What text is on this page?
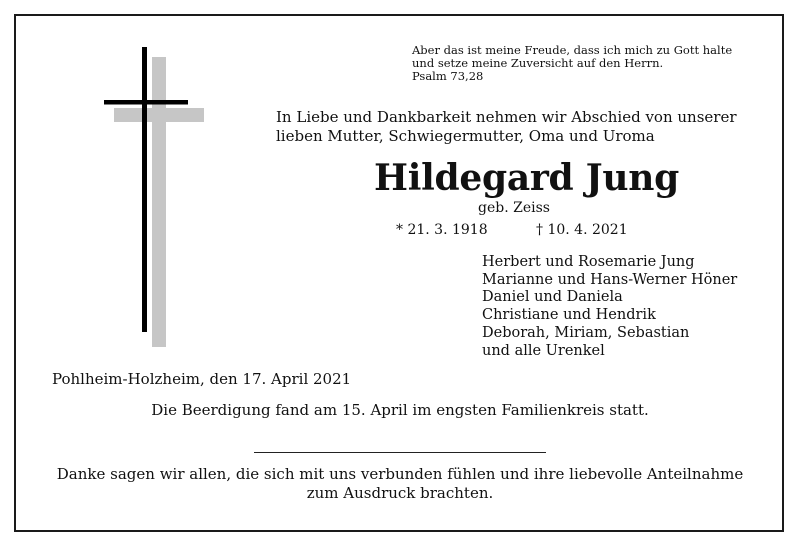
Aber das ist meine Freude, dass ich mich zu Gott halte
und setze meine Zuversicht auf den Herrn.
Psalm 73,28
In Liebe und Dankbarkeit nehmen wir Abschied von unserer
lieben Mutter, Schwiegermutter, Oma und Uroma
Hildegard Jung
geb. Zeiss
* 21. 3. 1918	† 10. 4. 2021
Herbert und Rosemarie Jung
Marianne und Hans-Werner Höner
Daniel und Daniela
Christiane und Hendrik
Deborah, Miriam, Sebastian
und alle Urenkel
Pohlheim-Holzheim, den 17. April 2021
Die Beerdigung fand am 15. April im engsten Familienkreis statt.
Danke sagen wir allen, die sich mit uns verbunden fühlen und ihre liebevolle Anteilnahme
zum Ausdruck brachten.
